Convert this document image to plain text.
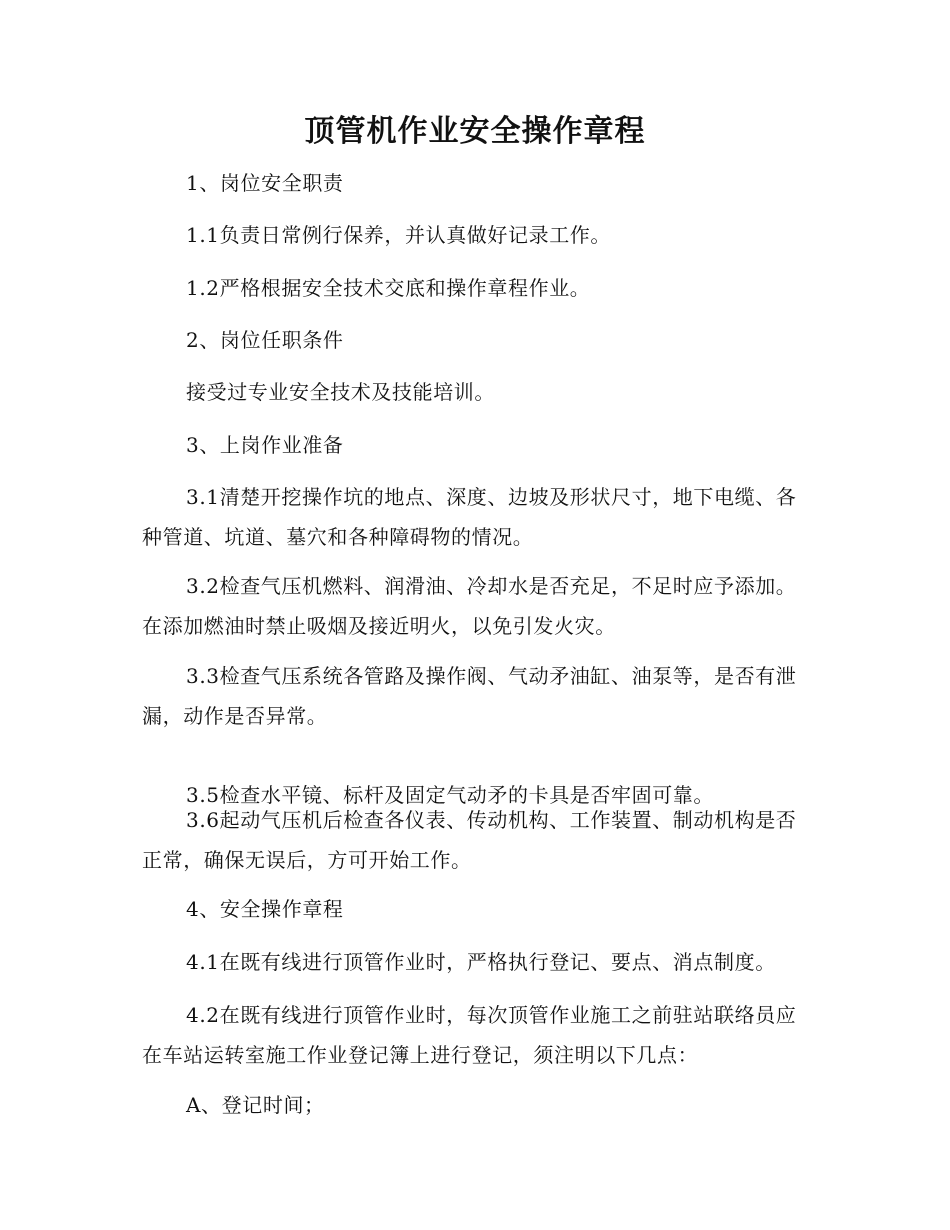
顶管机作业安全操作章程

1、岗位安全职责

1.1负责日常例行保养，并认真做好记录工作。

1.2严格根据安全技术交底和操作章程作业。

2、岗位任职条件

接受过专业安全技术及技能培训。

3、上岗作业准备

3.1清楚开挖操作坑的地点、深度、边坡及形状尺寸，地下电缆、各种管道、坑道、墓穴和各种障碍物的情况。

3.2检查气压机燃料、润滑油、冷却水是否充足，不足时应予添加。在添加燃油时禁止吸烟及接近明火，以免引发火灾。

3.3检查气压系统各管路及操作阀、气动矛油缸、油泵等，是否有泄漏，动作是否异常。

3.5检查水平镜、标杆及固定气动矛的卡具是否牢固可靠。

3.6起动气压机后检查各仪表、传动机构、工作装置、制动机构是否正常，确保无误后，方可开始工作。

4、安全操作章程

4.1在既有线进行顶管作业时，严格执行登记、要点、消点制度。

4.2在既有线进行顶管作业时，每次顶管作业施工之前驻站联络员应在车站运转室施工作业登记簿上进行登记，须注明以下几点：

A、登记时间；
